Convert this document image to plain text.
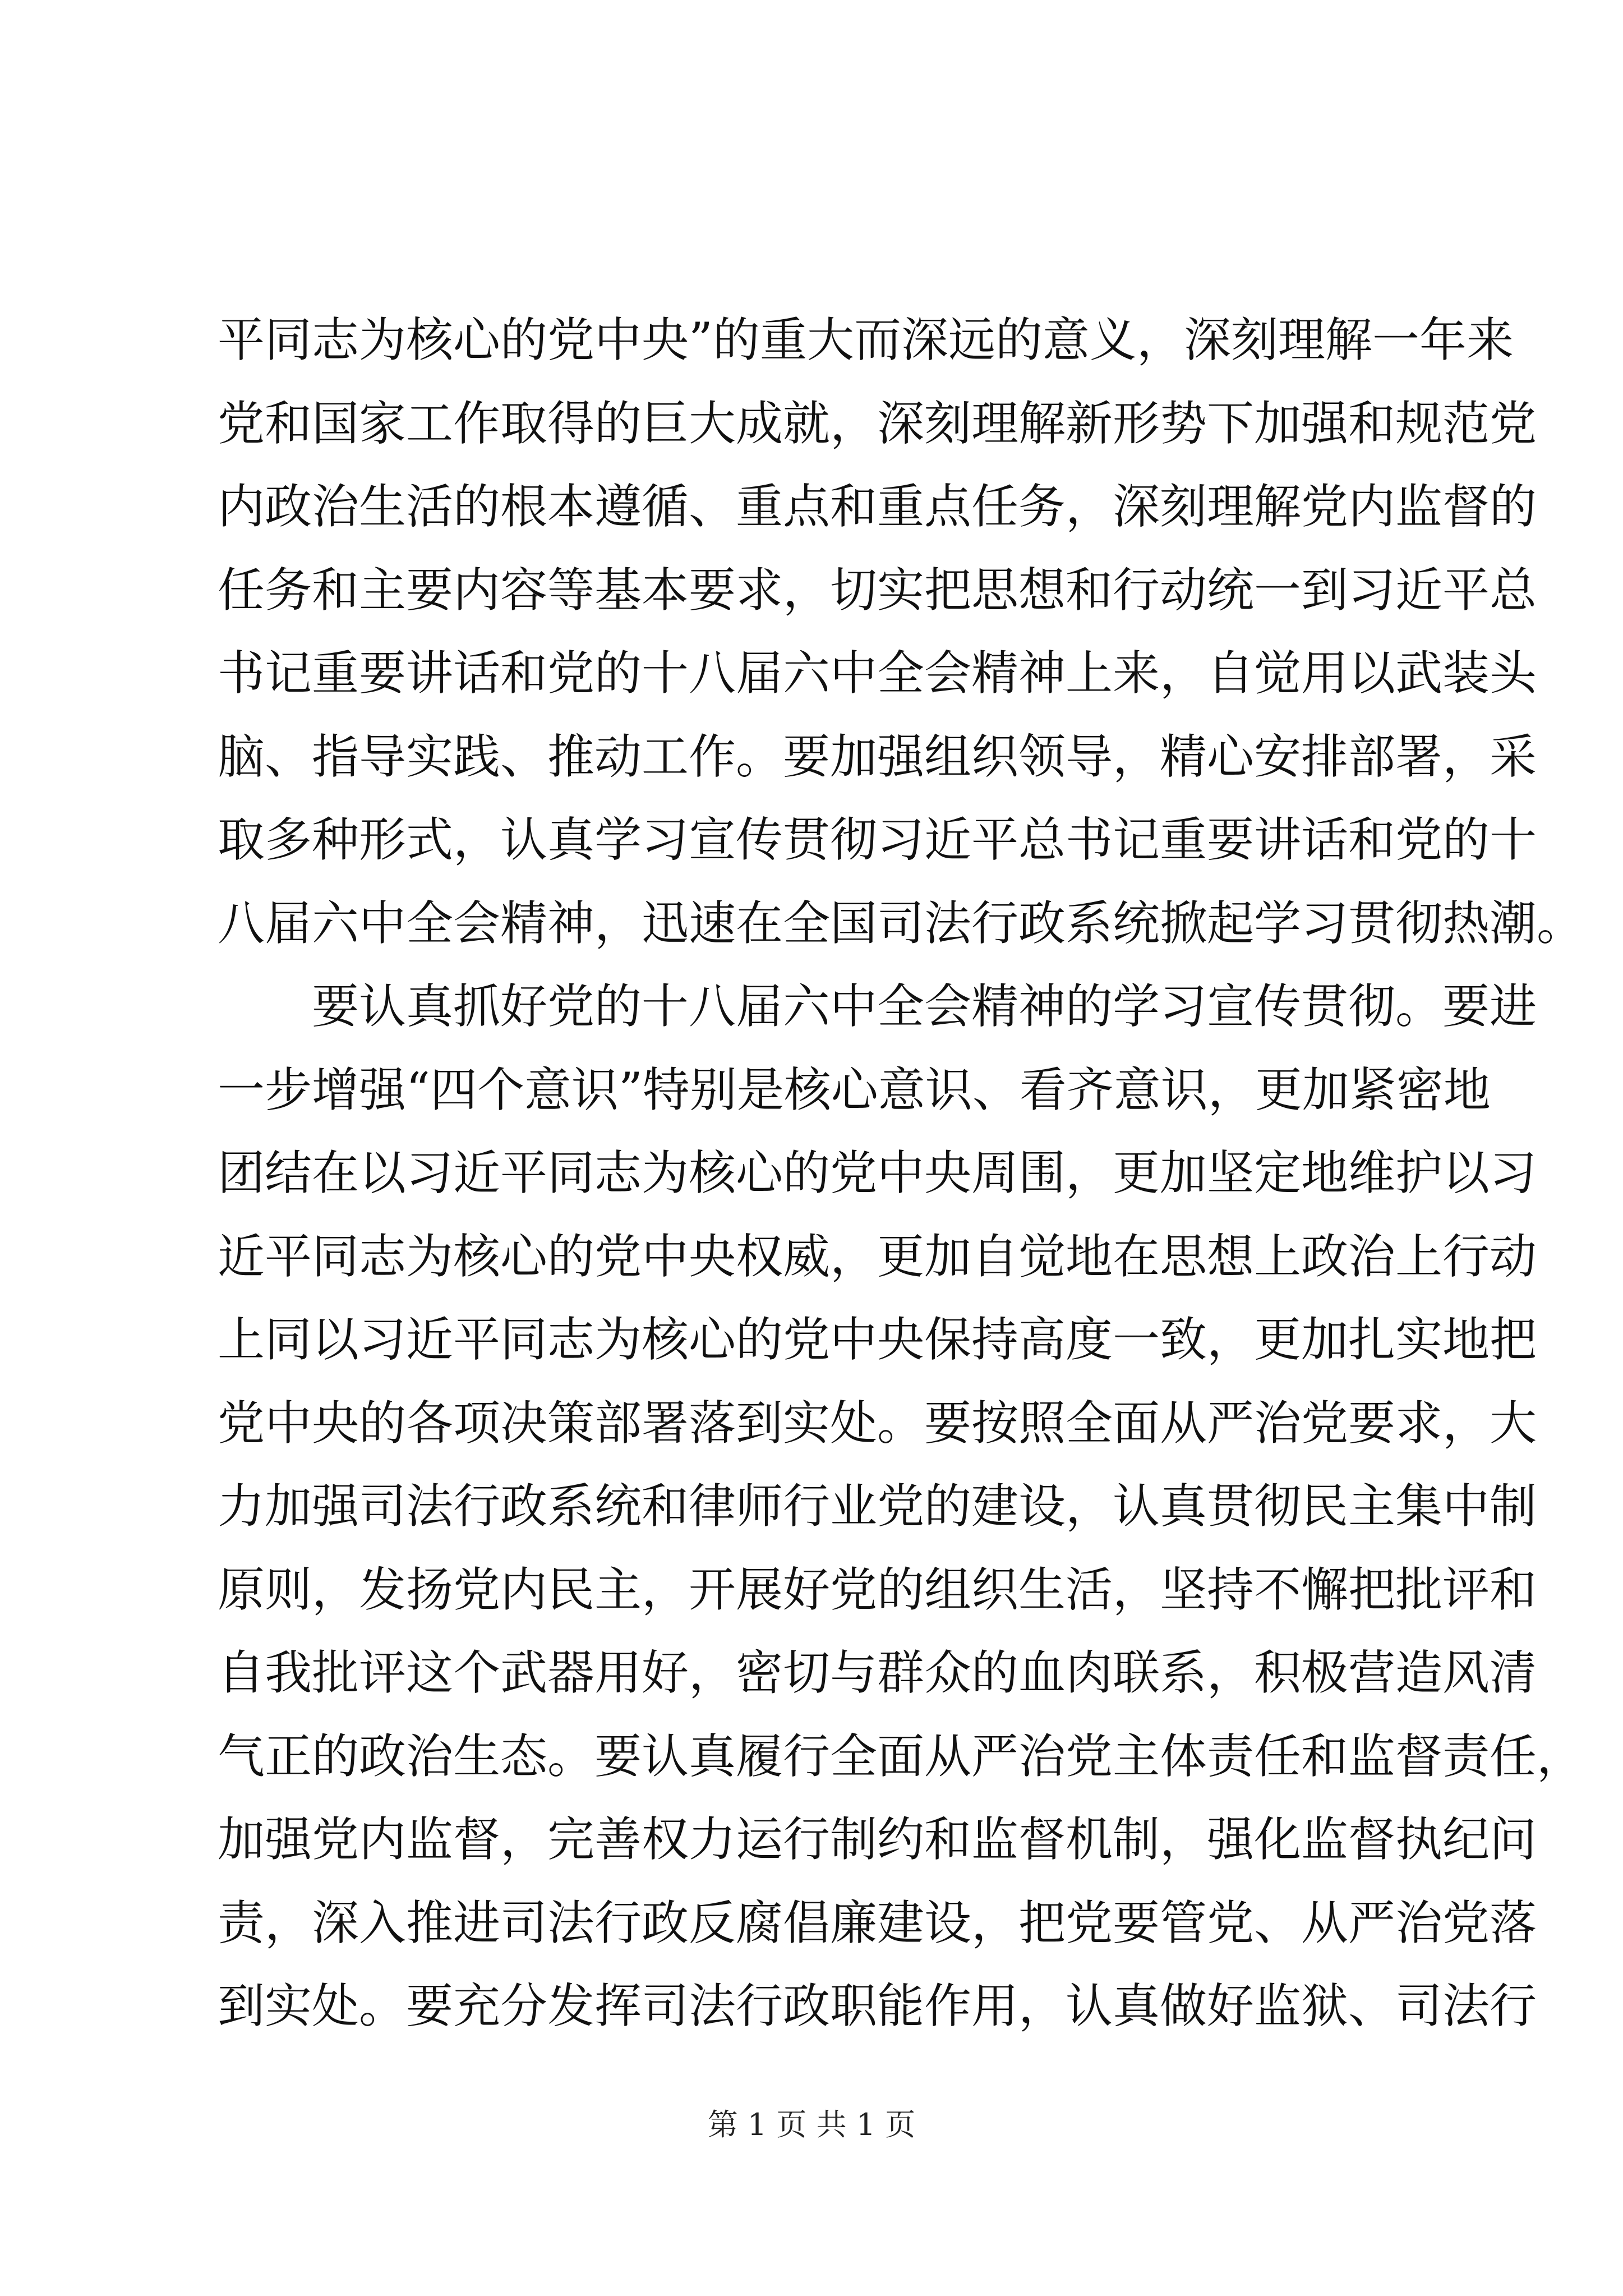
平同志为核心的党中央”的重大而深远的意义，深刻理解一年来
党和国家工作取得的巨大成就，深刻理解新形势下加强和规范党
内政治生活的根本遵循、重点和重点任务，深刻理解党内监督的
任务和主要内容等基本要求，切实把思想和行动统一到习近平总
书记重要讲话和党的十八届六中全会精神上来，自觉用以武装头
脑、指导实践、推动工作。要加强组织领导，精心安排部署，采
取多种形式，认真学习宣传贯彻习近平总书记重要讲话和党的十
八届六中全会精神，迅速在全国司法行政系统掀起学习贯彻热潮。
要认真抓好党的十八届六中全会精神的学习宣传贯彻。要进
一步增强“四个意识”特别是核心意识、看齐意识，更加紧密地
团结在以习近平同志为核心的党中央周围，更加坚定地维护以习
近平同志为核心的党中央权威，更加自觉地在思想上政治上行动
上同以习近平同志为核心的党中央保持高度一致，更加扎实地把
党中央的各项决策部署落到实处。要按照全面从严治党要求，大
力加强司法行政系统和律师行业党的建设，认真贯彻民主集中制
原则，发扬党内民主，开展好党的组织生活，坚持不懈把批评和
自我批评这个武器用好，密切与群众的血肉联系，积极营造风清
气正的政治生态。要认真履行全面从严治党主体责任和监督责任，
加强党内监督，完善权力运行制约和监督机制，强化监督执纪问
责，深入推进司法行政反腐倡廉建设，把党要管党、从严治党落
到实处。要充分发挥司法行政职能作用，认真做好监狱、司法行
第 1 页 共 1 页
